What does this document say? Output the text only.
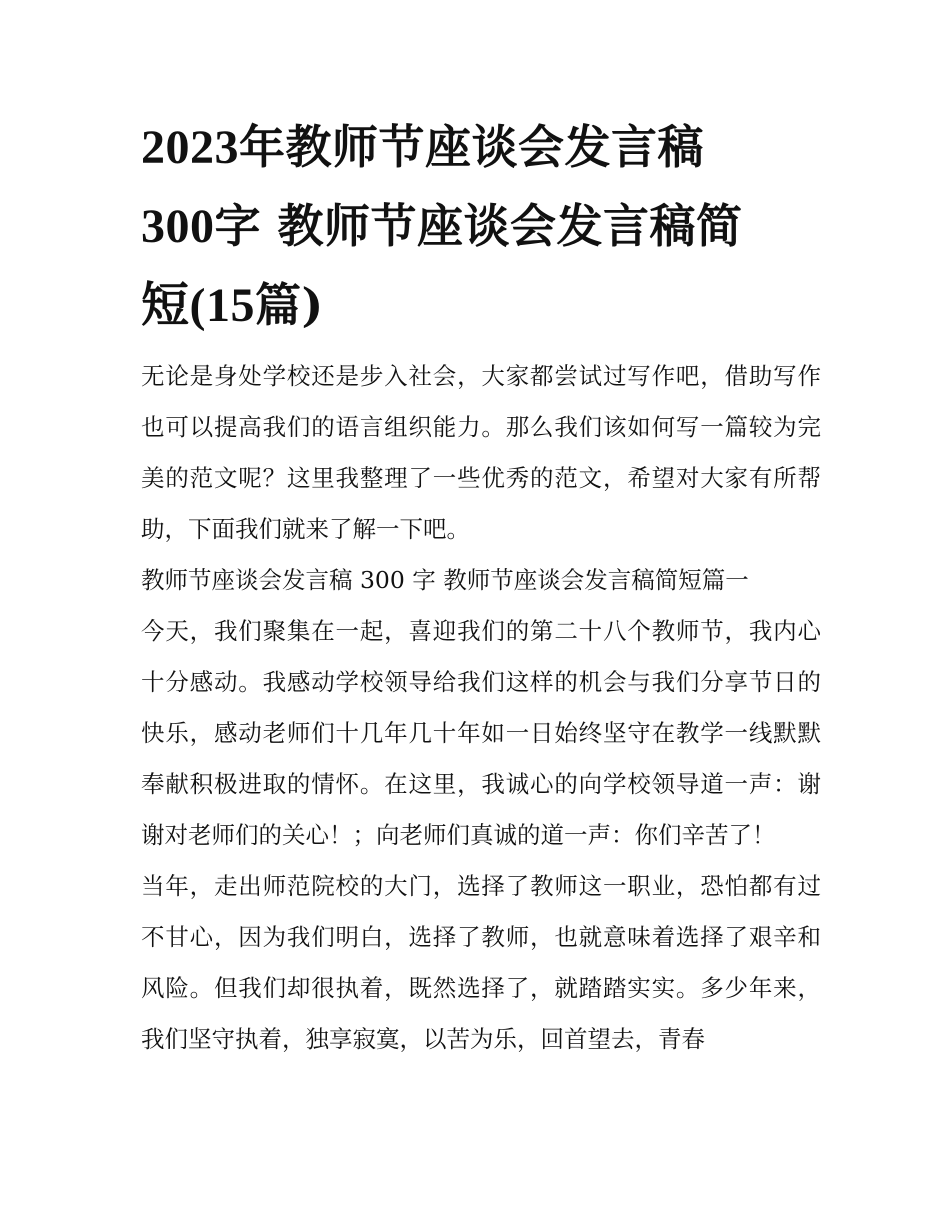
2023年教师节座谈会发言稿
300字 教师节座谈会发言稿简
短(15篇)

无论是身处学校还是步入社会，大家都尝试过写作吧，借助写作也可以提高我们的语言组织能力。那么我们该如何写一篇较为完美的范文呢？这里我整理了一些优秀的范文，希望对大家有所帮助，下面我们就来了解一下吧。

教师节座谈会发言稿 300 字 教师节座谈会发言稿简短篇一

今天，我们聚集在一起，喜迎我们的第二十八个教师节，我内心十分感动。我感动学校领导给我们这样的机会与我们分享节日的快乐，感动老师们十几年几十年如一日始终坚守在教学一线默默奉献积极进取的情怀。在这里，我诚心的向学校领导道一声：谢谢对老师们的关心！；向老师们真诚的道一声：你们辛苦了！

当年，走出师范院校的大门，选择了教师这一职业，恐怕都有过不甘心，因为我们明白，选择了教师，也就意味着选择了艰辛和风险。但我们却很执着，既然选择了，就踏踏实实。多少年来，我们坚守执着，独享寂寞，以苦为乐，回首望去，青春
